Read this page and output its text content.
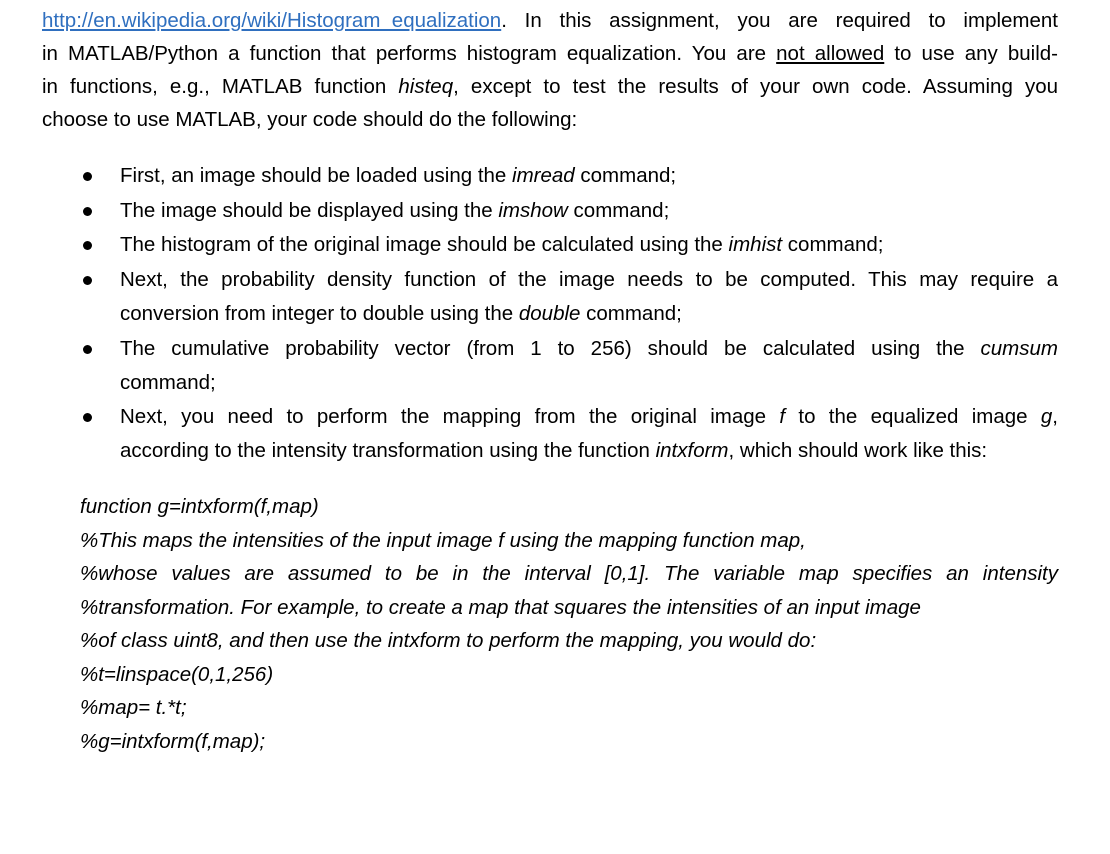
http://en.wikipedia.org/wiki/Histogram_equalization. In this assignment, you are required to implement
in MATLAB/Python a function that performs histogram equalization. You are not allowed to use any build-
in functions, e.g., MATLAB function histeq, except to test the results of your own code. Assuming you
choose to use MATLAB, your code should do the following:
First, an image should be loaded using the imread command;
The image should be displayed using the imshow command;
The histogram of the original image should be calculated using the imhist command;
Next, the probability density function of the image needs to be computed. This may require a
conversion from integer to double using the double command;
The cumulative probability vector (from 1 to 256) should be calculated using the cumsum
command;
Next, you need to perform the mapping from the original image f to the equalized image g,
according to the intensity transformation using the function intxform, which should work like this:
function g=intxform(f,map)
%This maps the intensities of the input image f using the mapping function map,
%whose values are assumed to be in the interval [0,1]. The variable map specifies an intensity
%transformation. For example, to create a map that squares the intensities of an input image
%of class uint8, and then use the intxform to perform the mapping, you would do:
%t=linspace(0,1,256)
%map= t.*t;
%g=intxform(f,map);
